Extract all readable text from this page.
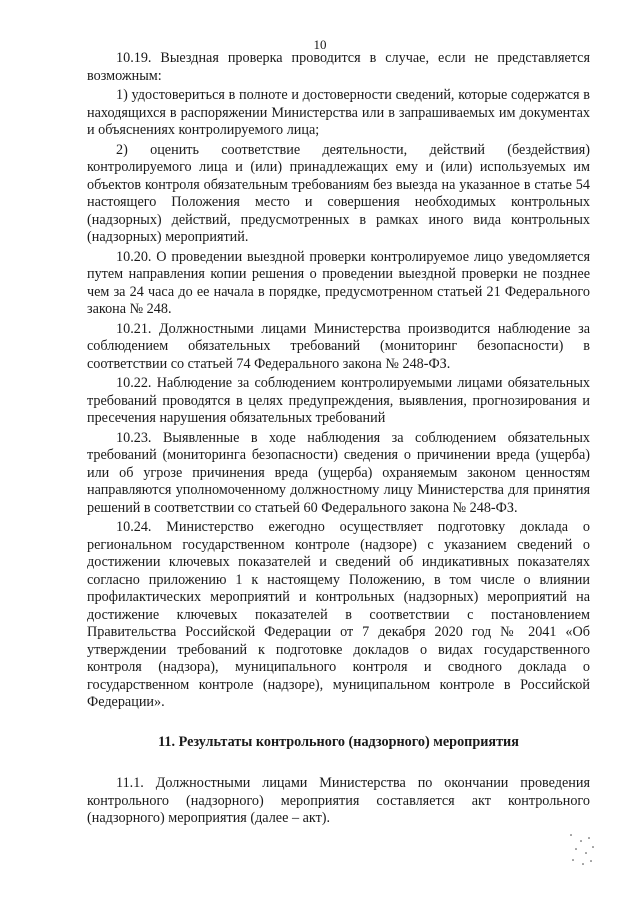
10

10.19. Выездная проверка проводится в случае, если не представляется возможным:

1) удостовериться в полноте и достоверности сведений, которые содержатся в находящихся в распоряжении Министерства или в запрашиваемых им документах и объяснениях контролируемого лица;

2) оценить соответствие деятельности, действий (бездействия) контролируемого лица и (или) принадлежащих ему и (или) используемых им объектов контроля обязательным требованиям без выезда на указанное в статье 54 настоящего Положения место и совершения необходимых контрольных (надзорных) действий, предусмотренных в рамках иного вида контрольных (надзорных) мероприятий.

10.20. О проведении выездной проверки контролируемое лицо уведомляется путем направления копии решения о проведении выездной проверки не позднее чем за 24 часа до ее начала в порядке, предусмотренном статьей 21 Федерального закона № 248.

10.21. Должностными лицами Министерства производится наблюдение за соблюдением обязательных требований (мониторинг безопасности) в соответствии со статьей 74 Федерального закона № 248-ФЗ.

10.22. Наблюдение за соблюдением контролируемыми лицами обязательных требований проводятся в целях предупреждения, выявления, прогнозирования и пресечения нарушения обязательных требований

10.23. Выявленные в ходе наблюдения за соблюдением обязательных требований (мониторинга безопасности) сведения о причинении вреда (ущерба) или об угрозе причинения вреда (ущерба) охраняемым законом ценностям направляются уполномоченному должностному лицу Министерства для принятия решений в соответствии со статьей 60 Федерального закона № 248-ФЗ.

10.24. Министерство ежегодно осуществляет подготовку доклада о региональном государственном контроле (надзоре) с указанием сведений о достижении ключевых показателей и сведений об индикативных показателях согласно приложению 1 к настоящему Положению, в том числе о влиянии профилактических мероприятий и контрольных (надзорных) мероприятий на достижение ключевых показателей в соответствии с постановлением Правительства Российской Федерации от 7 декабря 2020 год № 2041 «Об утверждении требований к подготовке докладов о видах государственного контроля (надзора), муниципального контроля и сводного доклада о государственном контроле (надзоре), муниципальном контроле в Российской Федерации».

11. Результаты контрольного (надзорного) мероприятия

11.1. Должностными лицами Министерства по окончании проведения контрольного (надзорного) мероприятия составляется акт контрольного (надзорного) мероприятия (далее – акт).
